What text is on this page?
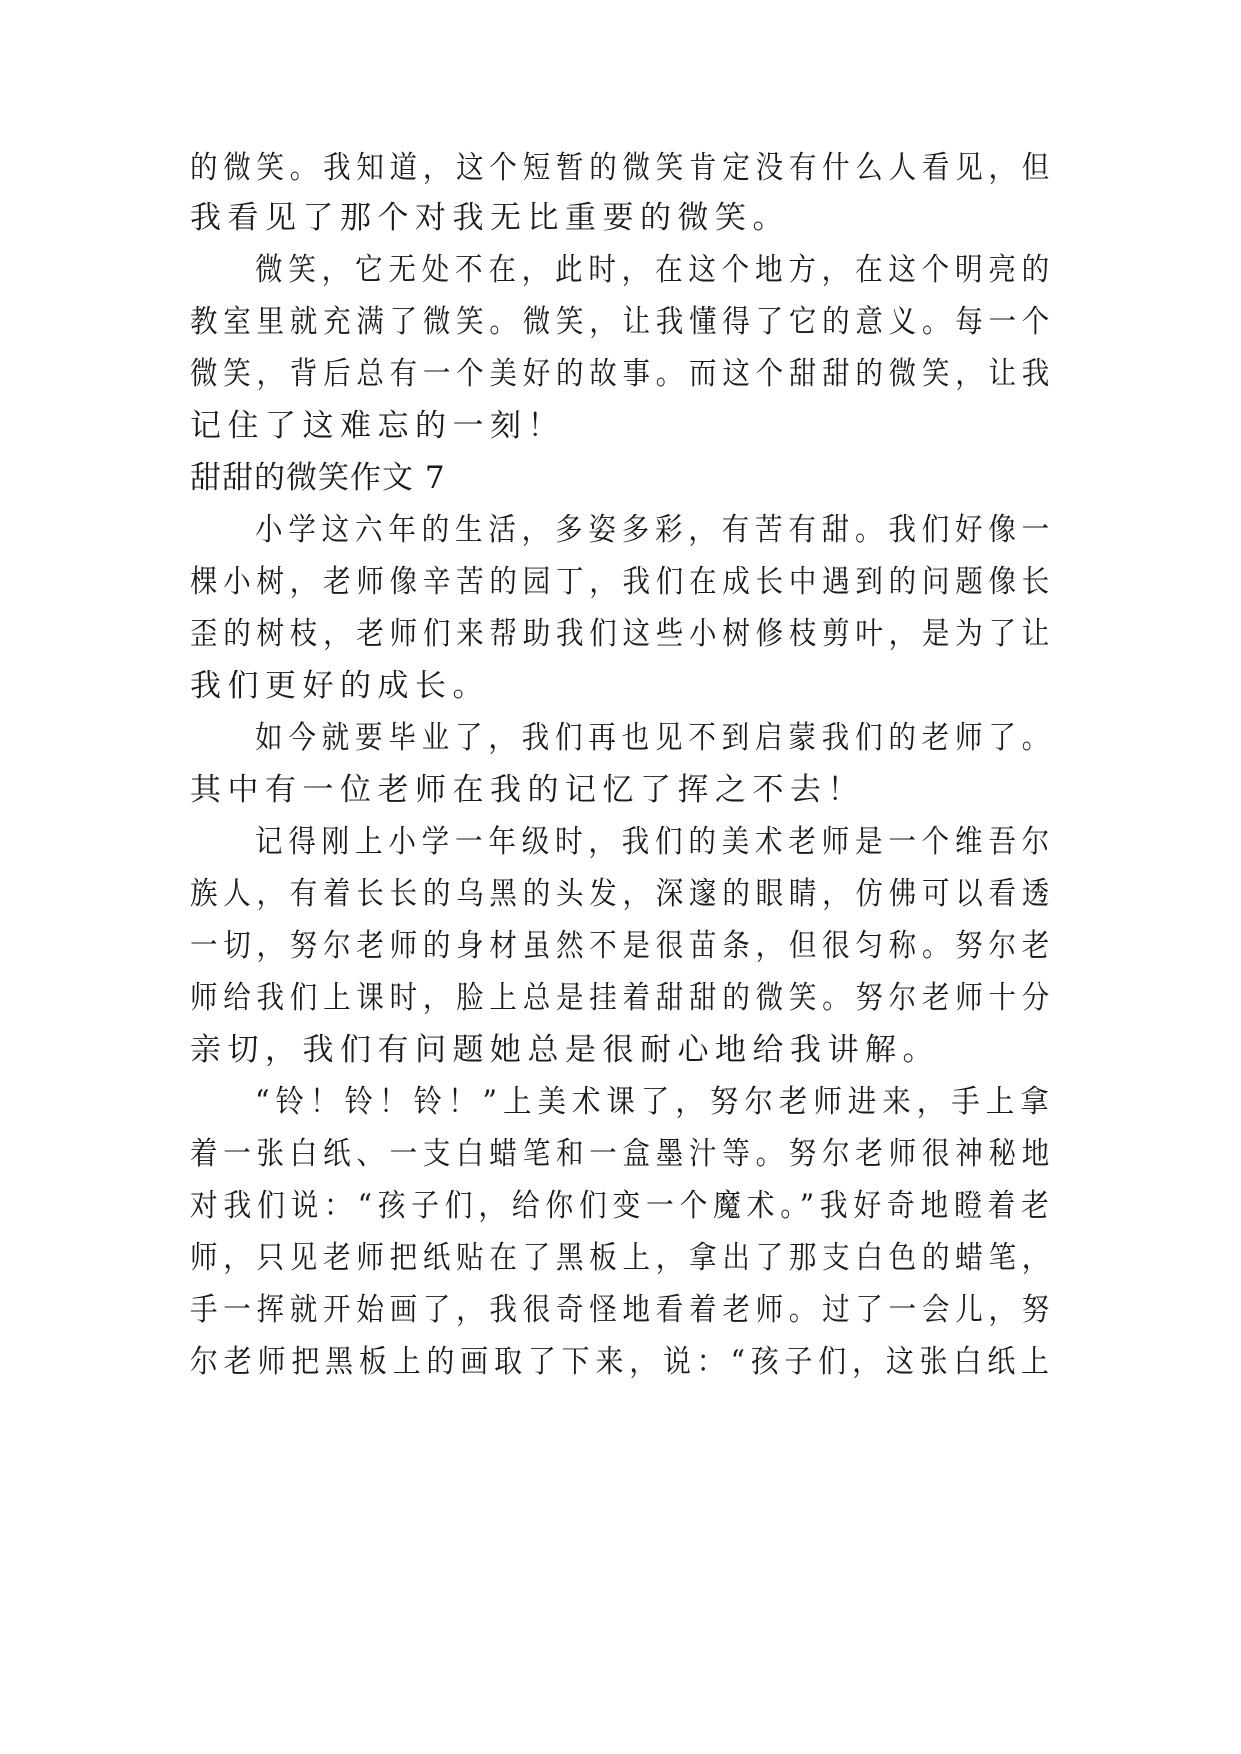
的微笑。我知道，这个短暂的微笑肯定没有什么人看见，但
我看见了那个对我无比重要的微笑。
微笑，它无处不在，此时，在这个地方，在这个明亮的
教室里就充满了微笑。微笑，让我懂得了它的意义。每一个
微笑，背后总有一个美好的故事。而这个甜甜的微笑，让我
记住了这难忘的一刻！
甜甜的微笑作文 7
小学这六年的生活，多姿多彩，有苦有甜。我们好像一
棵小树，老师像辛苦的园丁，我们在成长中遇到的问题像长
歪的树枝，老师们来帮助我们这些小树修枝剪叶，是为了让
我们更好的成长。
如今就要毕业了，我们再也见不到启蒙我们的老师了。
其中有一位老师在我的记忆了挥之不去！
记得刚上小学一年级时，我们的美术老师是一个维吾尔
族人，有着长长的乌黑的头发，深邃的眼睛，仿佛可以看透
一切，努尔老师的身材虽然不是很苗条，但很匀称。努尔老
师给我们上课时，脸上总是挂着甜甜的微笑。努尔老师十分
亲切，我们有问题她总是很耐心地给我讲解。
“铃！铃！铃！”上美术课了，努尔老师进来，手上拿
着一张白纸、一支白蜡笔和一盒墨汁等。努尔老师很神秘地
对我们说：“孩子们，给你们变一个魔术。”我好奇地瞪着老
师，只见老师把纸贴在了黑板上，拿出了那支白色的蜡笔，
手一挥就开始画了，我很奇怪地看着老师。过了一会儿，努
尔老师把黑板上的画取了下来，说：“孩子们，这张白纸上
